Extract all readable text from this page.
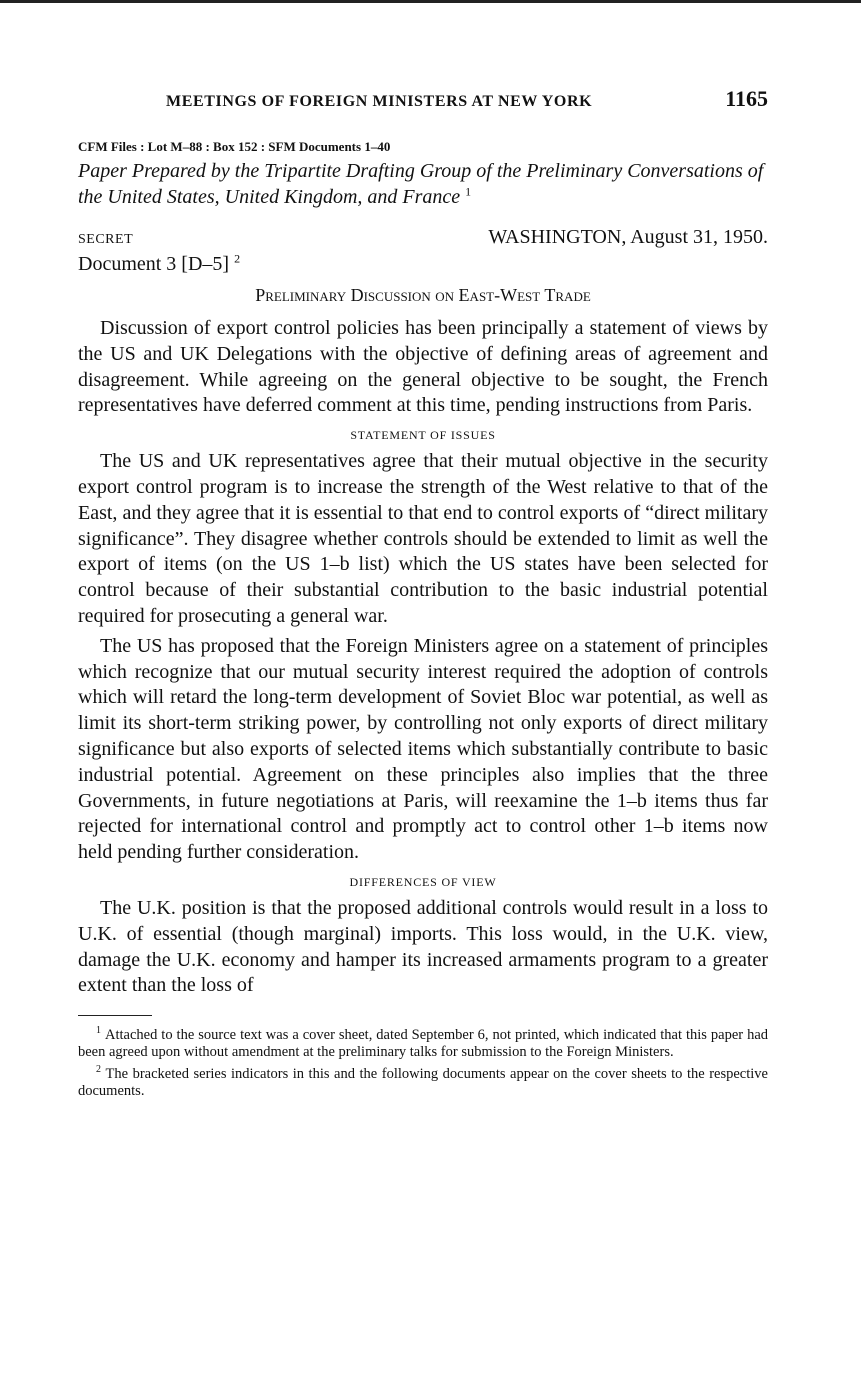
MEETINGS OF FOREIGN MINISTERS AT NEW YORK	1165
CFM Files : Lot M–88 : Box 152 : SFM Documents 1–40
Paper Prepared by the Tripartite Drafting Group of the Preliminary Conversations of the United States, United Kingdom, and France $^1$
SECRET	WASHINGTON, August 31, 1950.
Document 3 [D–5] $^2$
Preliminary Discussion on East-West Trade

Discussion of export control policies has been principally a statement of views by the US and UK Delegations with the objective of defining areas of agreement and disagreement. While agreeing on the general objective to be sought, the French representatives have deferred comment at this time, pending instructions from Paris.

STATEMENT OF ISSUES

The US and UK representatives agree that their mutual objective in the security export control program is to increase the strength of the West relative to that of the East, and they agree that it is essential to that end to control exports of “direct military significance”. They disagree whether controls should be extended to limit as well the export of items (on the US 1–b list) which the US states have been selected for control because of their substantial contribution to the basic industrial potential required for prosecuting a general war.

The US has proposed that the Foreign Ministers agree on a statement of principles which recognize that our mutual security interest required the adoption of controls which will retard the long-term development of Soviet Bloc war potential, as well as limit its short-term striking power, by controlling not only exports of direct military significance but also exports of selected items which substantially contribute to basic industrial potential. Agreement on these principles also implies that the three Governments, in future negotiations at Paris, will reexamine the 1–b items thus far rejected for international control and promptly act to control other 1–b items now held pending further consideration.

DIFFERENCES OF VIEW

The U.K. position is that the proposed additional controls would result in a loss to U.K. of essential (though marginal) imports. This loss would, in the U.K. view, damage the U.K. economy and hamper its increased armaments program to a greater extent than the loss of

$^1$ Attached to the source text was a cover sheet, dated September 6, not printed, which indicated that this paper had been agreed upon without amendment at the preliminary talks for submission to the Foreign Ministers.

$^2$ The bracketed series indicators in this and the following documents appear on the cover sheets to the respective documents.
